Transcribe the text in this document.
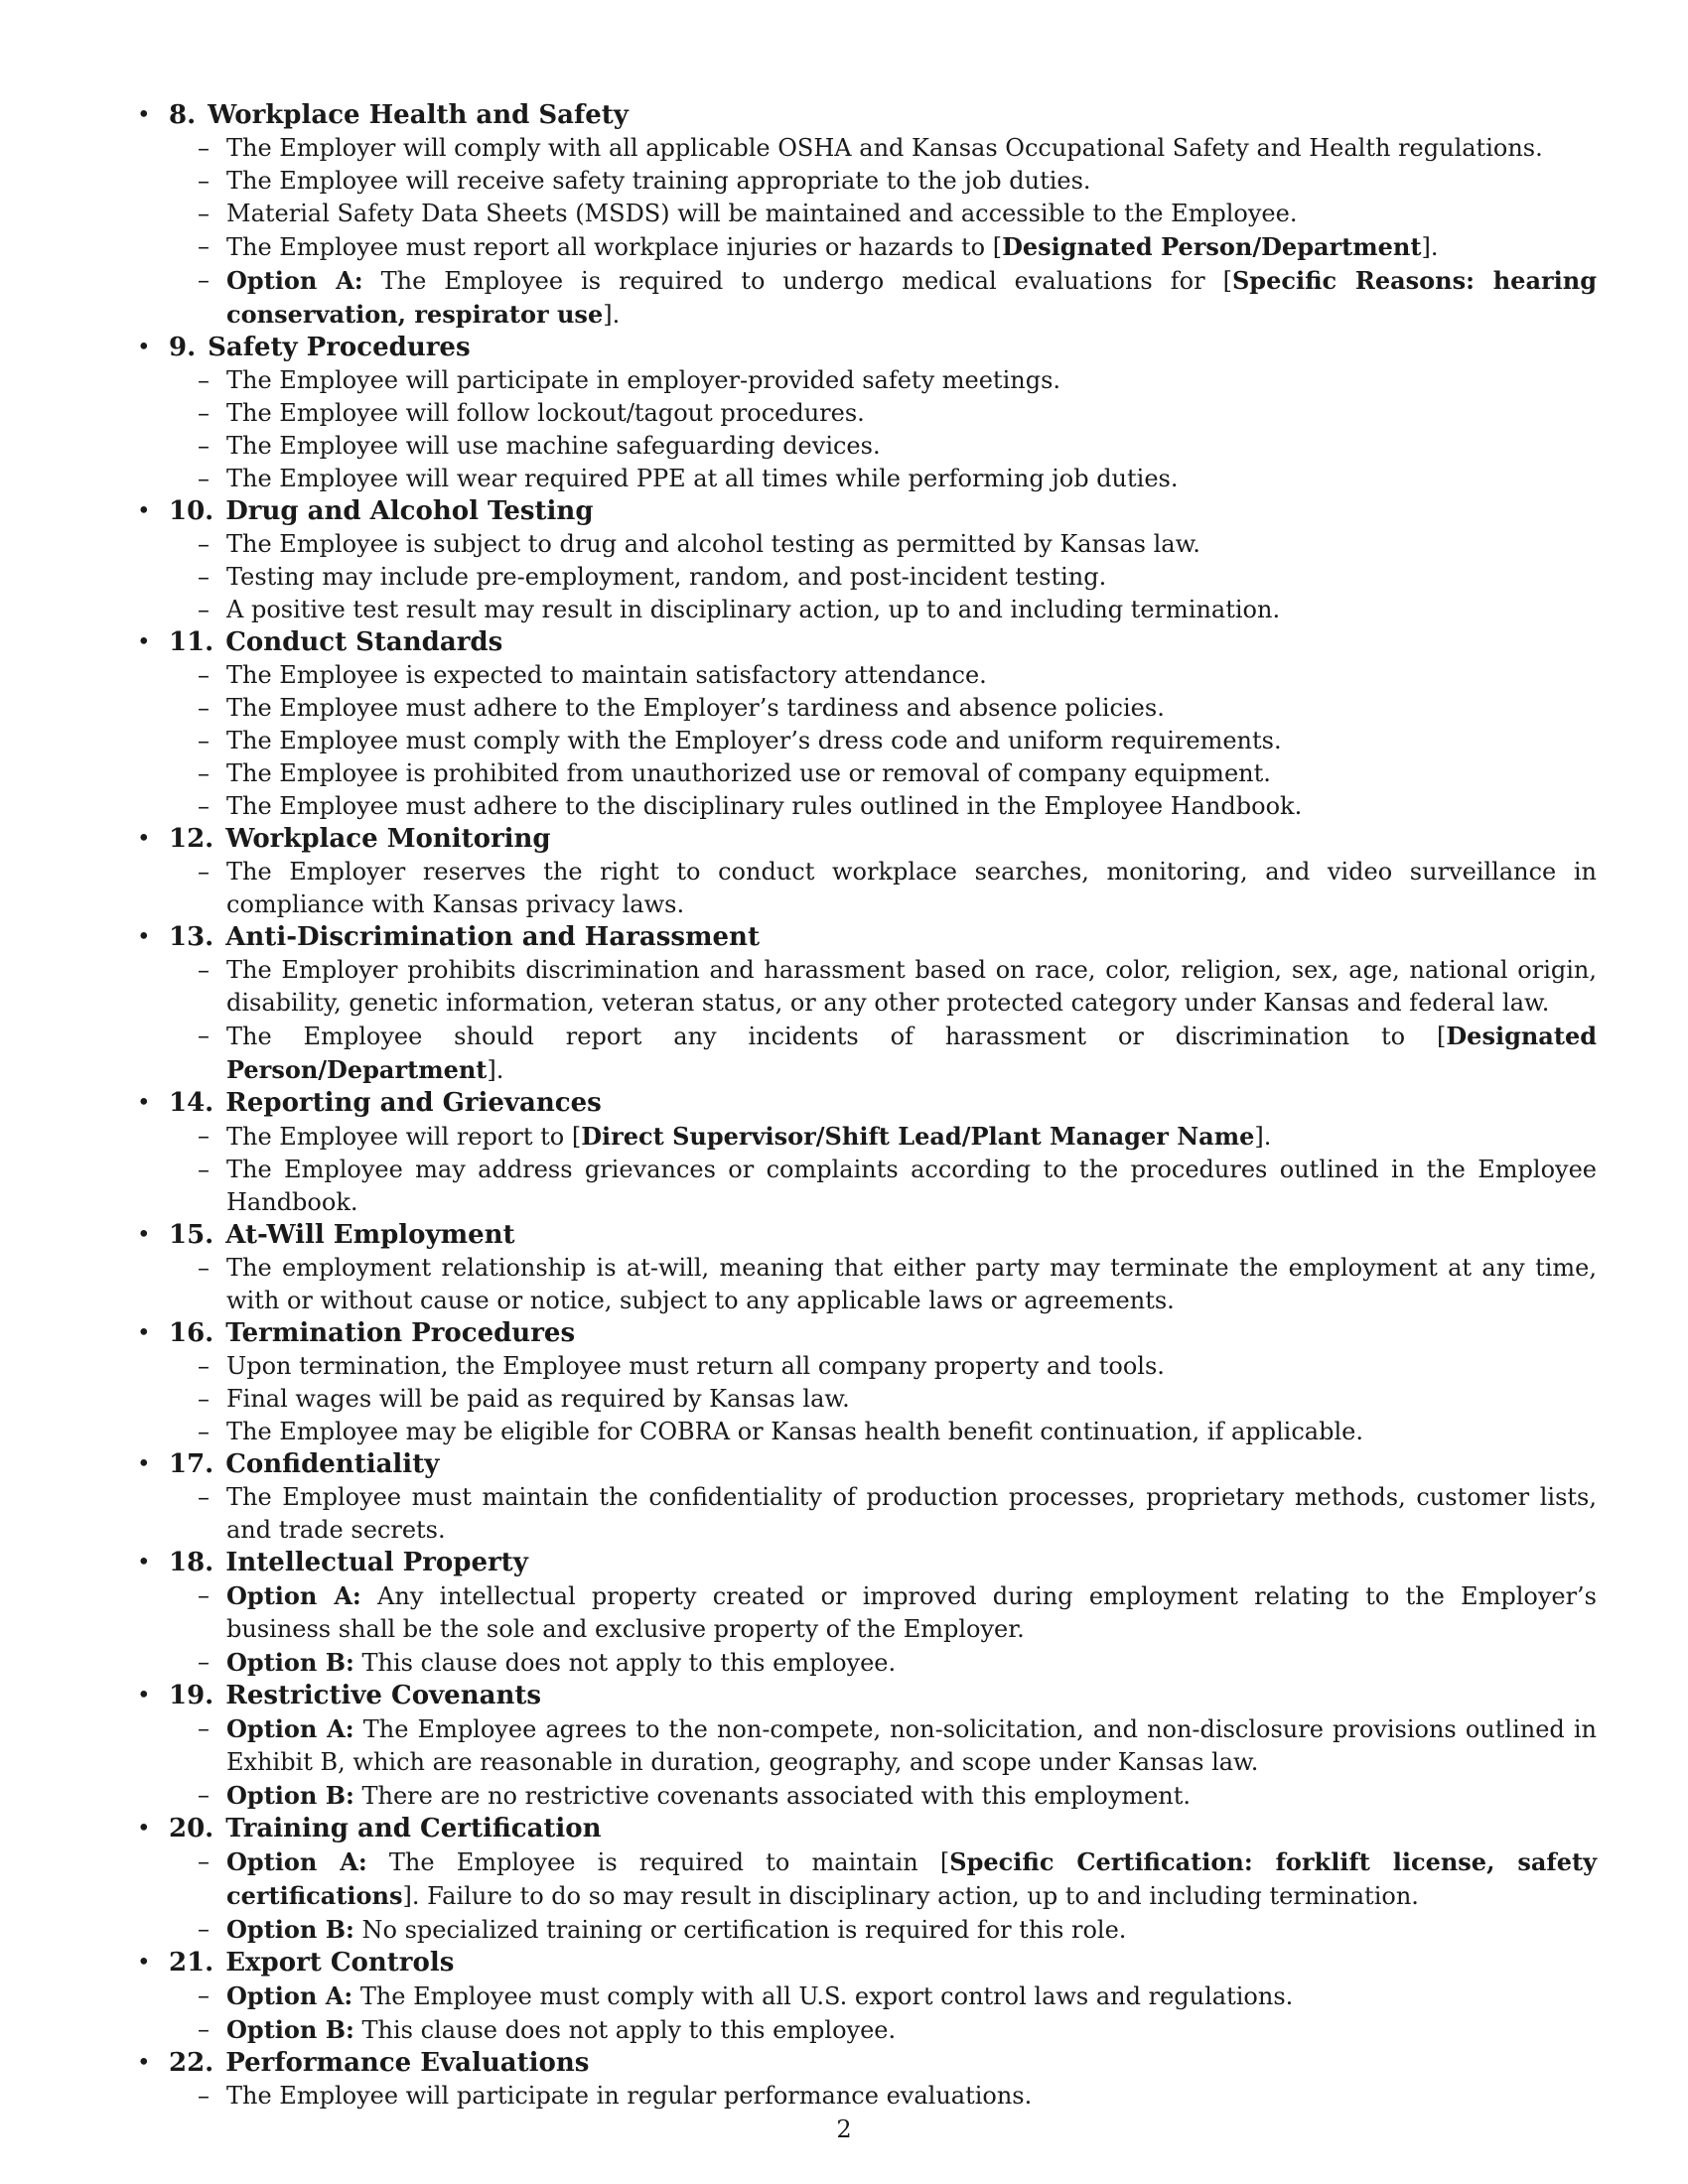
• 8. Workplace Health and Safety
– The Employer will comply with all applicable OSHA and Kansas Occupational Safety and Health regulations.
– The Employee will receive safety training appropriate to the job duties.
– Material Safety Data Sheets (MSDS) will be maintained and accessible to the Employee.
– The Employee must report all workplace injuries or hazards to [Designated Person/Department].
– Option A: The Employee is required to undergo medical evaluations for [Specific Reasons: hearing conservation, respirator use].
• 9. Safety Procedures
– The Employee will participate in employer-provided safety meetings.
– The Employee will follow lockout/tagout procedures.
– The Employee will use machine safeguarding devices.
– The Employee will wear required PPE at all times while performing job duties.
• 10. Drug and Alcohol Testing
– The Employee is subject to drug and alcohol testing as permitted by Kansas law.
– Testing may include pre-employment, random, and post-incident testing.
– A positive test result may result in disciplinary action, up to and including termination.
• 11. Conduct Standards
– The Employee is expected to maintain satisfactory attendance.
– The Employee must adhere to the Employer’s tardiness and absence policies.
– The Employee must comply with the Employer’s dress code and uniform requirements.
– The Employee is prohibited from unauthorized use or removal of company equipment.
– The Employee must adhere to the disciplinary rules outlined in the Employee Handbook.
• 12. Workplace Monitoring
– The Employer reserves the right to conduct workplace searches, monitoring, and video surveillance in compliance with Kansas privacy laws.
• 13. Anti-Discrimination and Harassment
– The Employer prohibits discrimination and harassment based on race, color, religion, sex, age, national origin, disability, genetic information, veteran status, or any other protected category under Kansas and federal law.
– The Employee should report any incidents of harassment or discrimination to [Designated Person/Department].
• 14. Reporting and Grievances
– The Employee will report to [Direct Supervisor/Shift Lead/Plant Manager Name].
– The Employee may address grievances or complaints according to the procedures outlined in the Employee Handbook.
• 15. At-Will Employment
– The employment relationship is at-will, meaning that either party may terminate the employment at any time, with or without cause or notice, subject to any applicable laws or agreements.
• 16. Termination Procedures
– Upon termination, the Employee must return all company property and tools.
– Final wages will be paid as required by Kansas law.
– The Employee may be eligible for COBRA or Kansas health benefit continuation, if applicable.
• 17. Confidentiality
– The Employee must maintain the confidentiality of production processes, proprietary methods, customer lists, and trade secrets.
• 18. Intellectual Property
– Option A: Any intellectual property created or improved during employment relating to the Employer’s business shall be the sole and exclusive property of the Employer.
– Option B: This clause does not apply to this employee.
• 19. Restrictive Covenants
– Option A: The Employee agrees to the non-compete, non-solicitation, and non-disclosure provisions outlined in Exhibit B, which are reasonable in duration, geography, and scope under Kansas law.
– Option B: There are no restrictive covenants associated with this employment.
• 20. Training and Certification
– Option A: The Employee is required to maintain [Specific Certification: forklift license, safety certifications]. Failure to do so may result in disciplinary action, up to and including termination.
– Option B: No specialized training or certification is required for this role.
• 21. Export Controls
– Option A: The Employee must comply with all U.S. export control laws and regulations.
– Option B: This clause does not apply to this employee.
• 22. Performance Evaluations
– The Employee will participate in regular performance evaluations.
2
